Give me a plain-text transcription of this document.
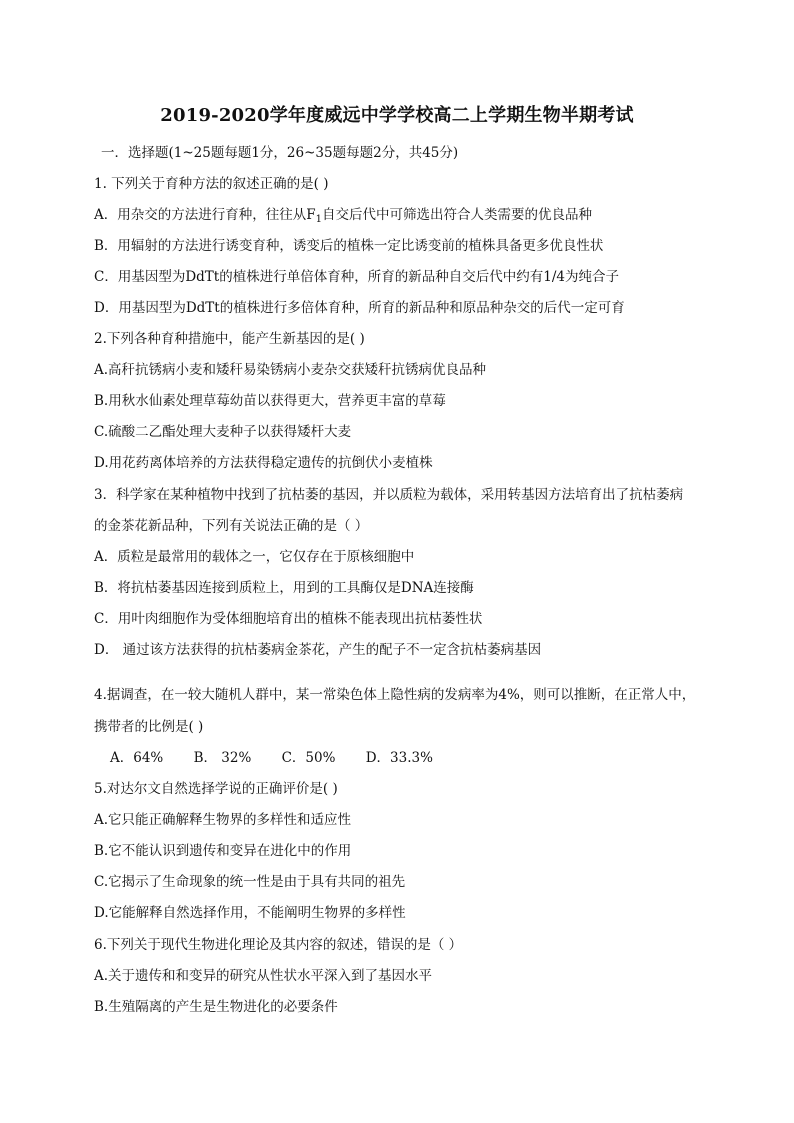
2019-2020学年度威远中学学校高二上学期生物半期考试
一．选择题(1~25题每题1分，26~35题每题2分，共45分)
1. 下列关于育种方法的叙述正确的是( )
A．用杂交的方法进行育种，往往从$F_1$自交后代中可筛选出符合人类需要的优良品种
B．用辐射的方法进行诱变育种，诱变后的植株一定比诱变前的植株具备更多优良性状
C．用基因型为DdTt的植株进行单倍体育种，所育的新品种自交后代中约有1/4为纯合子
D．用基因型为DdTt的植株进行多倍体育种，所育的新品种和原品种杂交的后代一定可育
2.下列各种育种措施中，能产生新基因的是( )
A.高秆抗锈病小麦和矮秆易染锈病小麦杂交获矮秆抗锈病优良品种
B.用秋水仙素处理草莓幼苗以获得更大，营养更丰富的草莓
C.硫酸二乙酯处理大麦种子以获得矮杆大麦
D.用花药离体培养的方法获得稳定遗传的抗倒伏小麦植株
3．科学家在某种植物中找到了抗枯萎的基因，并以质粒为载体，采用转基因方法培育出了抗枯萎病
的金茶花新品种，下列有关说法正确的是（ ）
A．质粒是最常用的载体之一，它仅存在于原核细胞中
B．将抗枯萎基因连接到质粒上，用到的工具酶仅是DNA连接酶
C．用叶肉细胞作为受体细胞培育出的植株不能表现出抗枯萎性状
D． 通过该方法获得的抗枯萎病金茶花，产生的配子不一定含抗枯萎病基因
4.据调查，在一较大随机人群中，某一常染色体上隐性病的发病率为4%，则可以推断，在正常人中，
携带者的比例是( )
A．64% B． 32% C．50% D．33.3%
5.对达尔文自然选择学说的正确评价是( )
A.它只能正确解释生物界的多样性和适应性
B.它不能认识到遗传和变异在进化中的作用
C.它揭示了生命现象的统一性是由于具有共同的祖先
D.它能解释自然选择作用，不能阐明生物界的多样性
6.下列关于现代生物进化理论及其内容的叙述，错误的是（ ）
A.关于遗传和和变异的研究从性状水平深入到了基因水平
B.生殖隔离的产生是生物进化的必要条件
